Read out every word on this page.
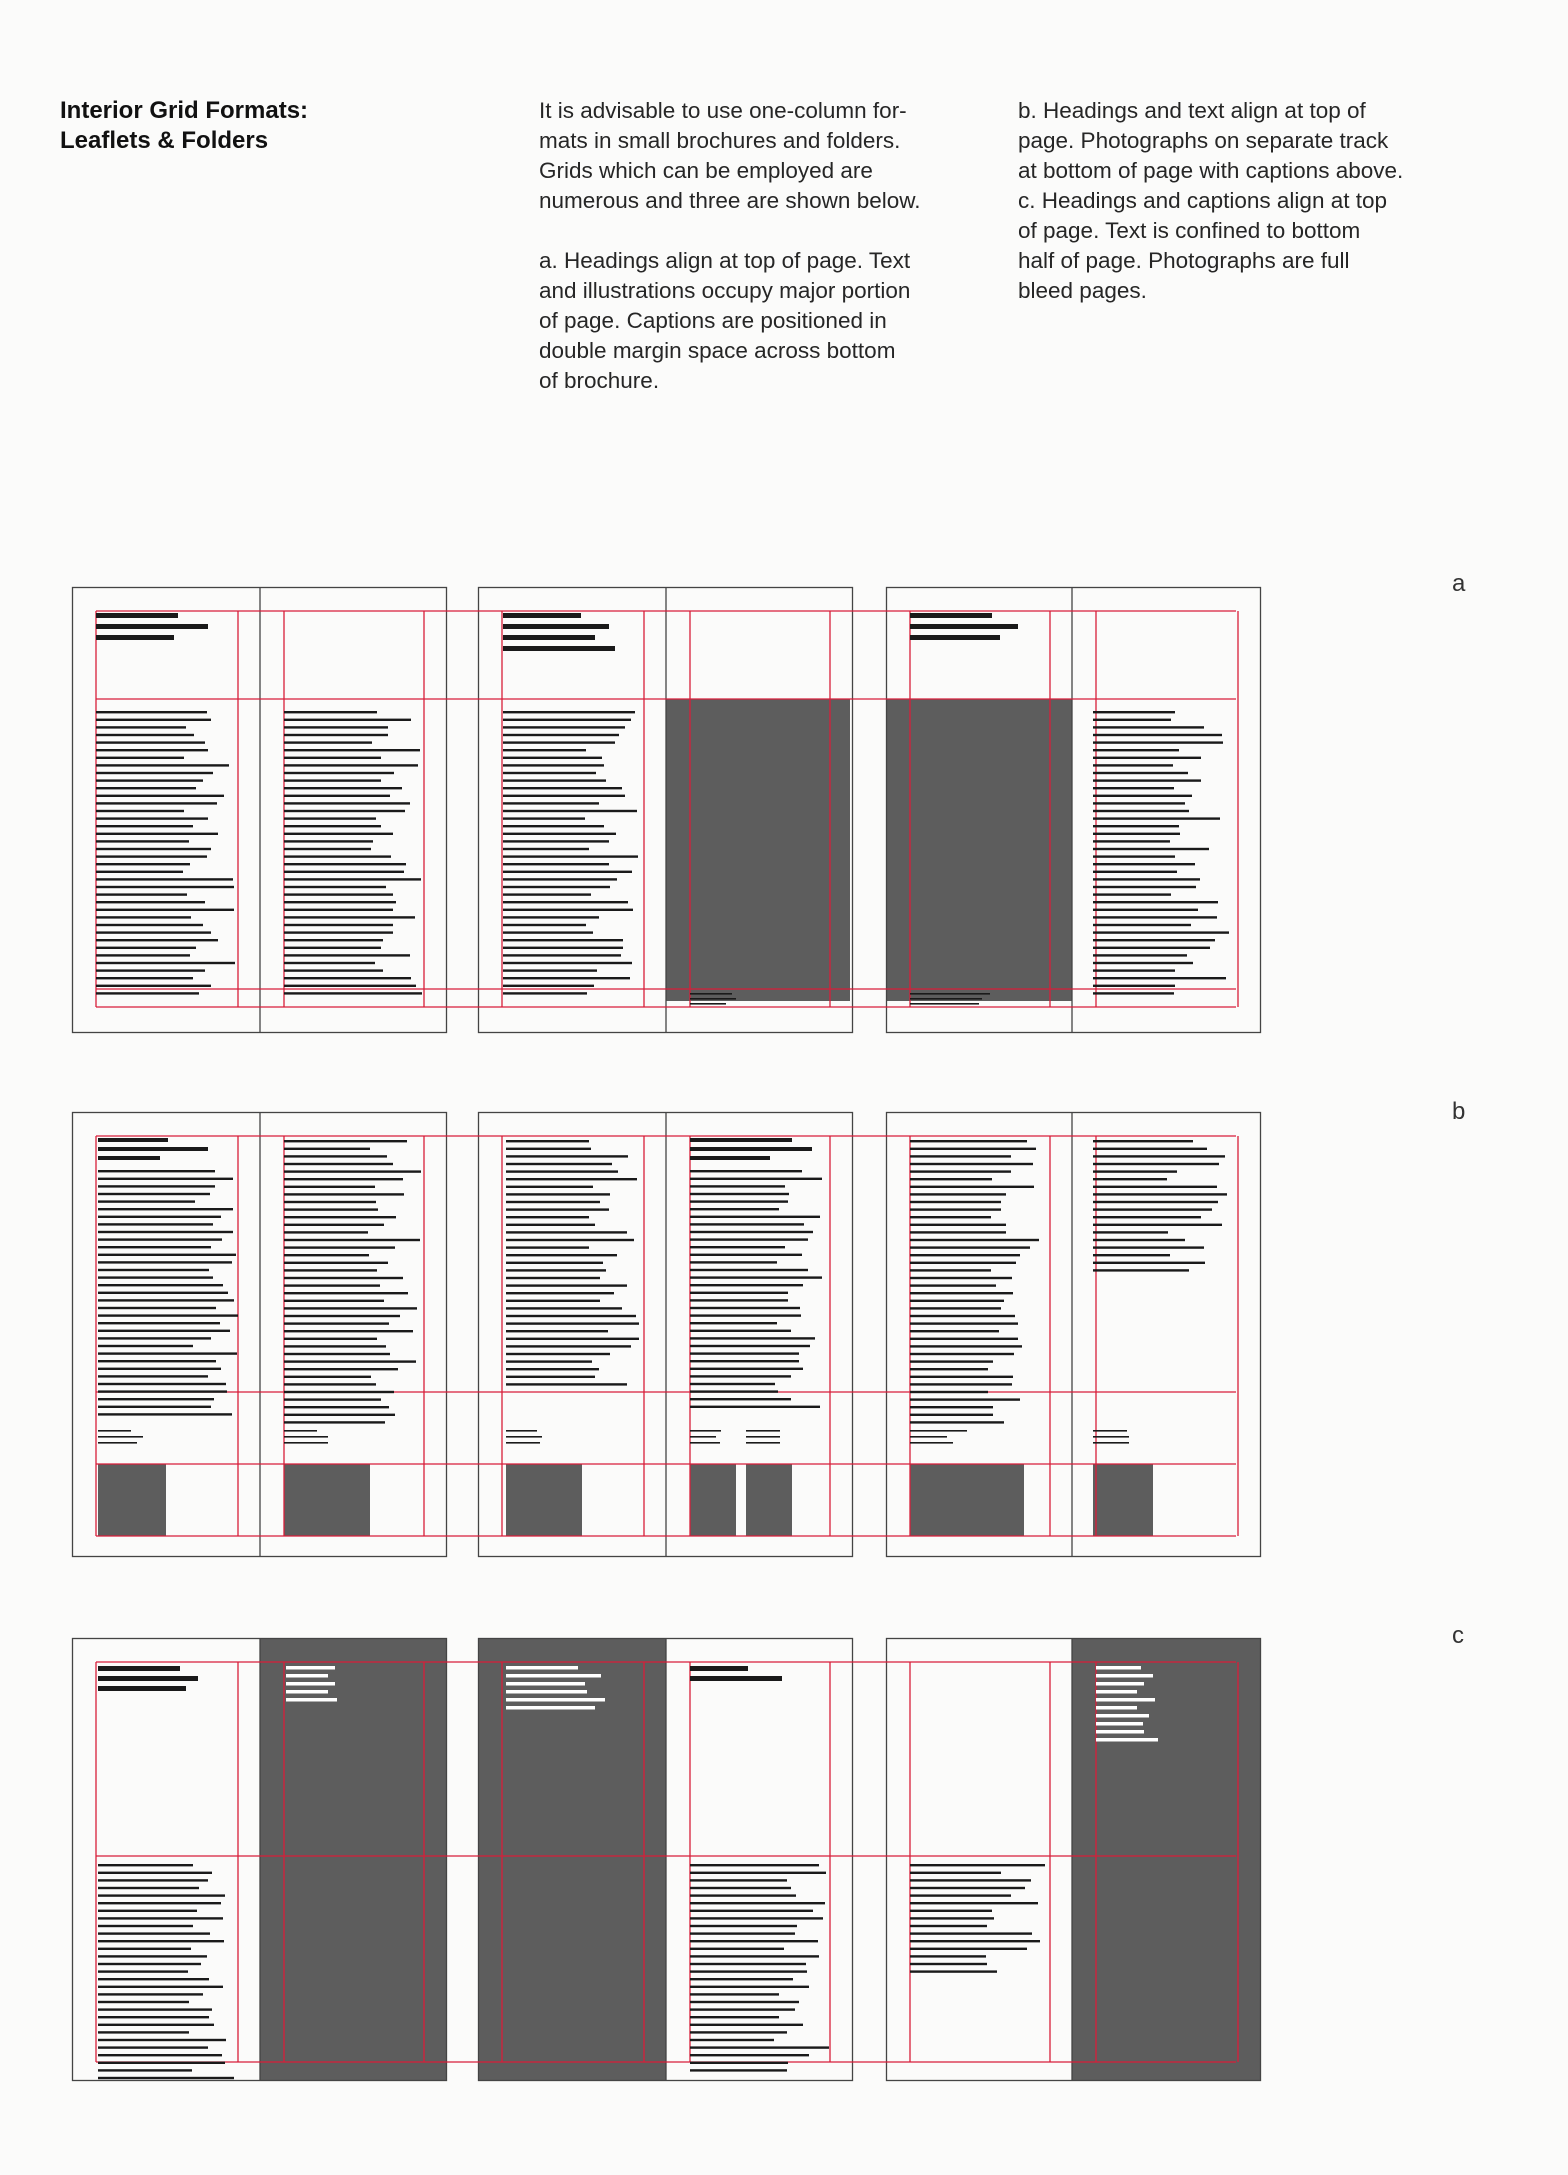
Interior Grid Formats:
Leaflets & Folders

It is advisable to use one-column for-

mats in small brochures and folders.

Grids which can be employed are

numerous and three are shown below.

a. Headings align at top of page. Text

and illustrations occupy major portion

of page. Captions are positioned in

double margin space across bottom

of brochure.

b. Headings and text align at top of

page. Photographs on separate track

at bottom of page with captions above.

c. Headings and captions align at top

of page. Text is confined to bottom

half of page. Photographs are full

bleed pages.

a
b
c
